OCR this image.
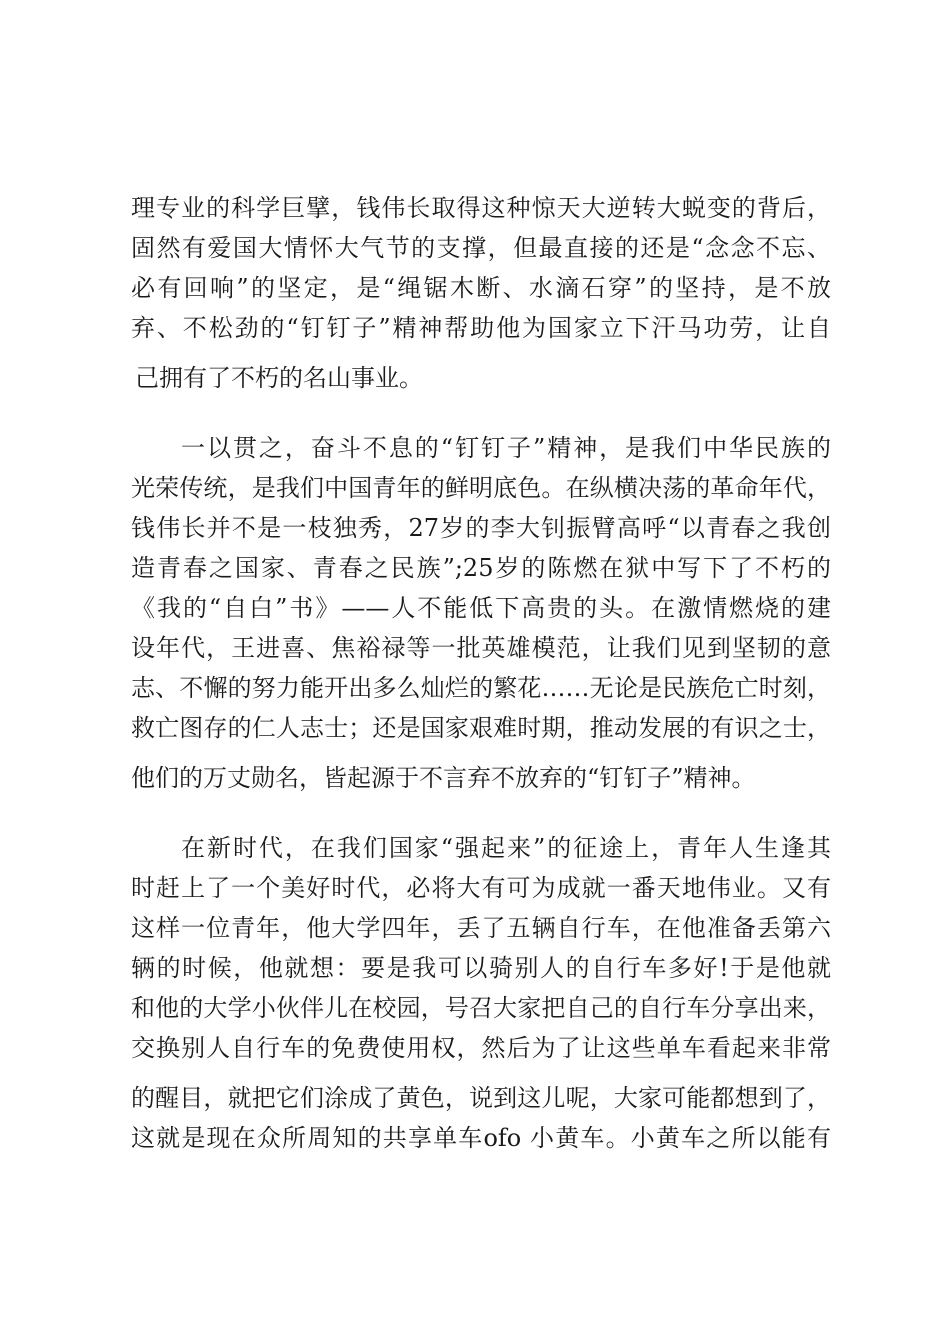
理专业的科学巨擘，钱伟长取得这种惊天大逆转大蜕变的背后，

固然有爱国大情怀大气节的支撑，但最直接的还是“念念不忘、

必有回响”的坚定，是“绳锯木断、水滴石穿”的坚持，是不放

弃、不松劲的“钉钉子”精神帮助他为国家立下汗马功劳，让自

己拥有了不朽的名山事业。

一以贯之，奋斗不息的“钉钉子”精神，是我们中华民族的

光荣传统，是我们中国青年的鲜明底色。在纵横决荡的革命年代，

钱伟长并不是一枝独秀，27岁的李大钊振臂高呼“以青春之我创

造青春之国家、青春之民族”;25岁的陈燃在狱中写下了不朽的

《我的“自白”书》——人不能低下高贵的头。在激情燃烧的建

设年代，王进喜、焦裕禄等一批英雄模范，让我们见到坚韧的意

志、不懈的努力能开出多么灿烂的繁花……无论是民族危亡时刻，

救亡图存的仁人志士；还是国家艰难时期，推动发展的有识之士，

他们的万丈勋名，皆起源于不言弃不放弃的“钉钉子”精神。

在新时代，在我们国家“强起来”的征途上，青年人生逢其

时赶上了一个美好时代，必将大有可为成就一番天地伟业。又有

这样一位青年，他大学四年，丢了五辆自行车，在他准备丢第六

辆的时候，他就想：要是我可以骑别人的自行车多好!于是他就

和他的大学小伙伴儿在校园，号召大家把自己的自行车分享出来，

交换别人自行车的免费使用权，然后为了让这些单车看起来非常

的醒目，就把它们涂成了黄色，说到这儿呢，大家可能都想到了，

这就是现在众所周知的共享单车ofo 小黄车。小黄车之所以能有
